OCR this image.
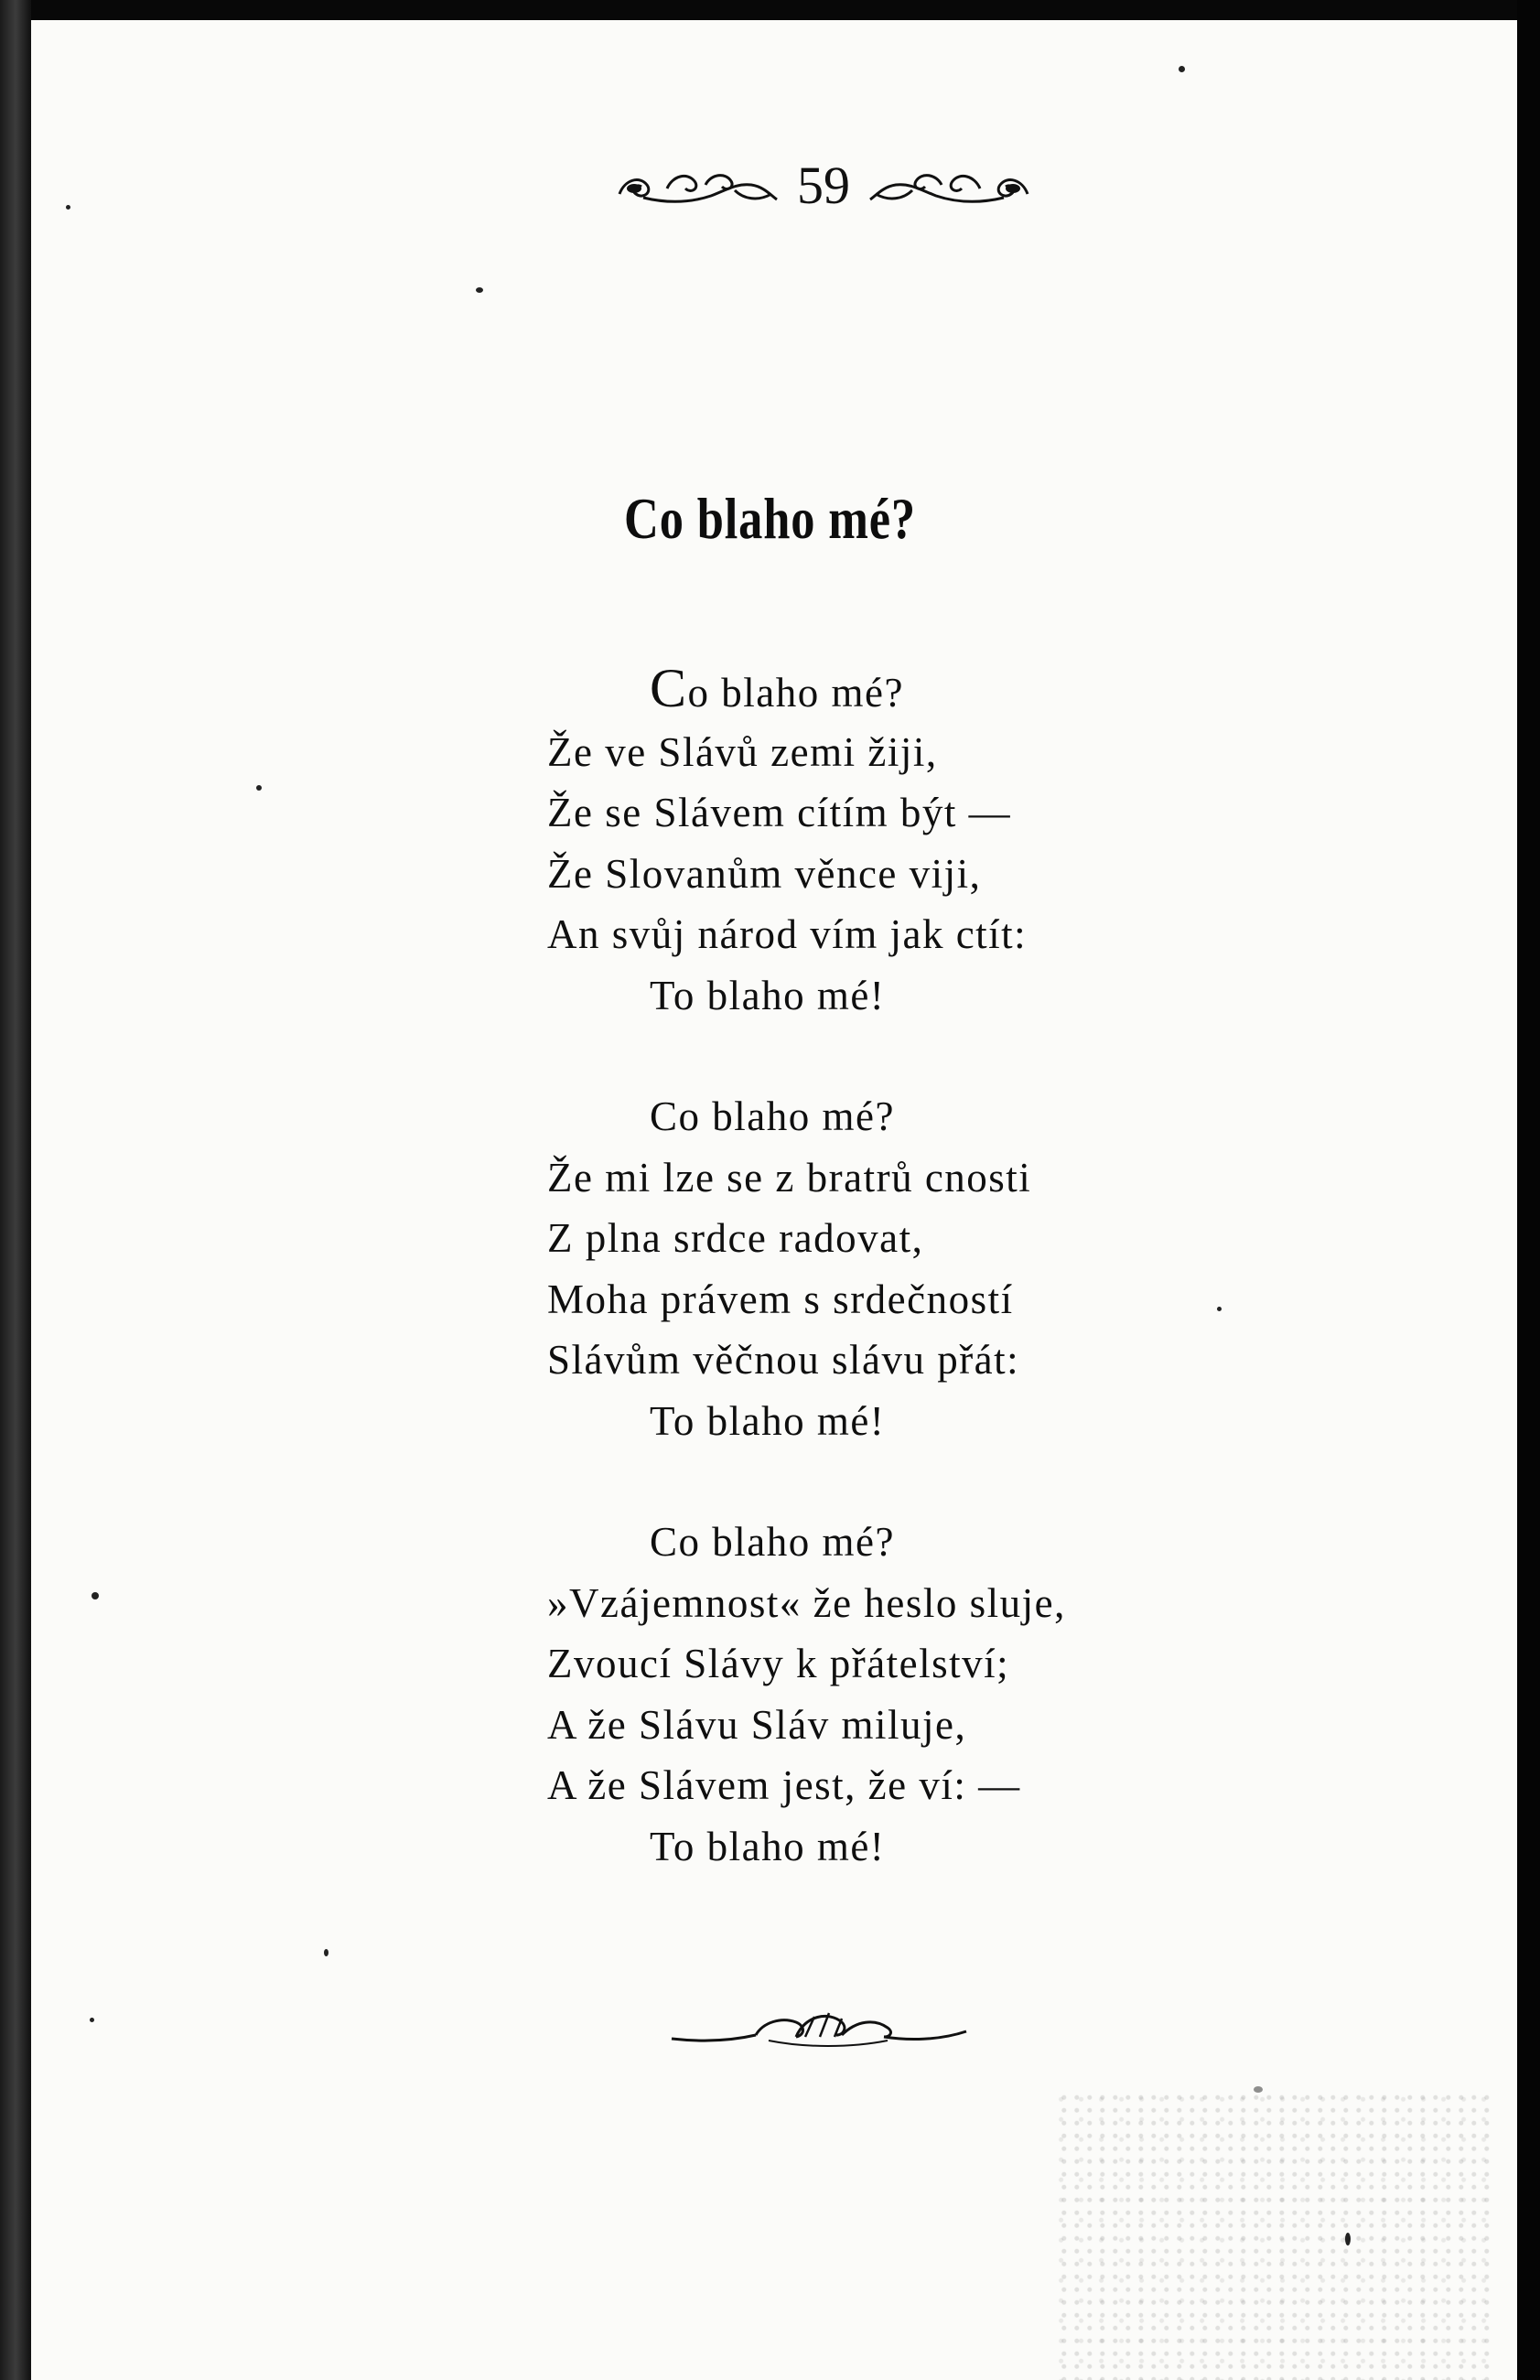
59
Co blaho mé?
Co blaho mé?
Že ve Slávů zemi žiji,
Že se Slávem cítím být —
Že Slovanům věnce viji,
An svůj národ vím jak ctít:
To blaho mé!
Co blaho mé?
Že mi lze se z bratrů cnosti
Z plna srdce radovat,
Moha právem s srdečností
Slávům věčnou slávu přát:
To blaho mé!
Co blaho mé?
»Vzájemnost« že heslo sluje,
Zvoucí Slávy k přátelství;
A že Slávu Sláv miluje,
A že Slávem jest, že ví: —
To blaho mé!
